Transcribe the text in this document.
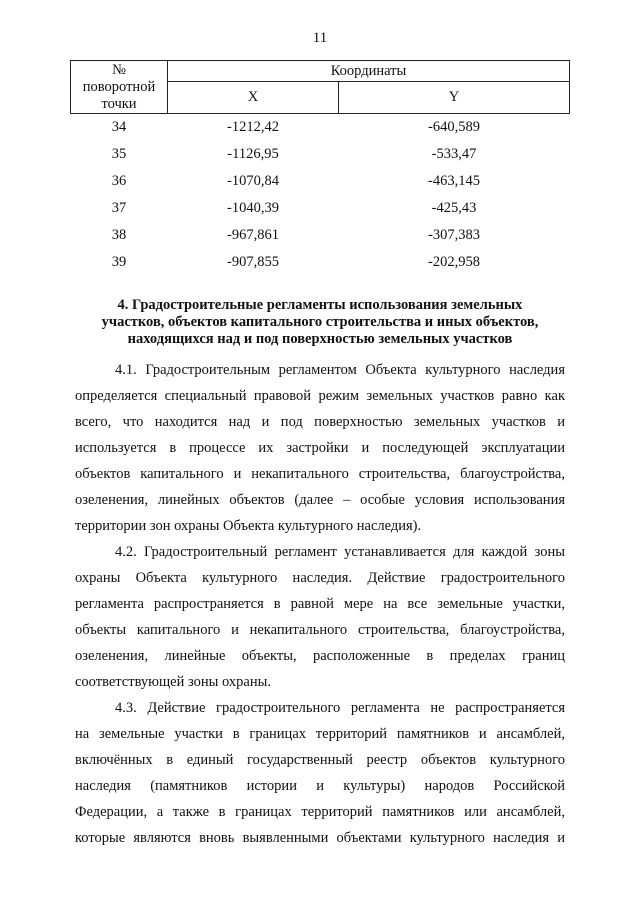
11
№
поворотной
точки	Координаты	
	X	Y
34	-1212,42	-640,589
35	-1126,95	-533,47
36	-1070,84	-463,145
37	-1040,39	-425,43
38	-967,861	-307,383
39	-907,855	-202,958
4. Градостроительные регламенты использования земельных
участков, объектов капитального строительства и иных объектов,
находящихся над и под поверхностью земельных участков
4.1. Градостроительным регламентом Объекта культурного наследия
определяется специальный правовой режим земельных участков равно как
всего, что находится над и под поверхностью земельных участков и
используется в процессе их застройки и последующей эксплуатации
объектов капитального и некапитального строительства, благоустройства,
озеленения, линейных объектов (далее – особые условия использования
территории зон охраны Объекта культурного наследия).
4.2. Градостроительный регламент устанавливается для каждой зоны
охраны Объекта культурного наследия. Действие градостроительного
регламента распространяется в равной мере на все земельные участки,
объекты капитального и некапитального строительства, благоустройства,
озеленения, линейные объекты, расположенные в пределах границ
соответствующей зоны охраны.
4.3. Действие градостроительного регламента не распространяется
на земельные участки в границах территорий памятников и ансамблей,
включённых в единый государственный реестр объектов культурного
наследия (памятников истории и культуры) народов Российской
Федерации, а также в границах территорий памятников или ансамблей,
которые являются вновь выявленными объектами культурного наследия и
